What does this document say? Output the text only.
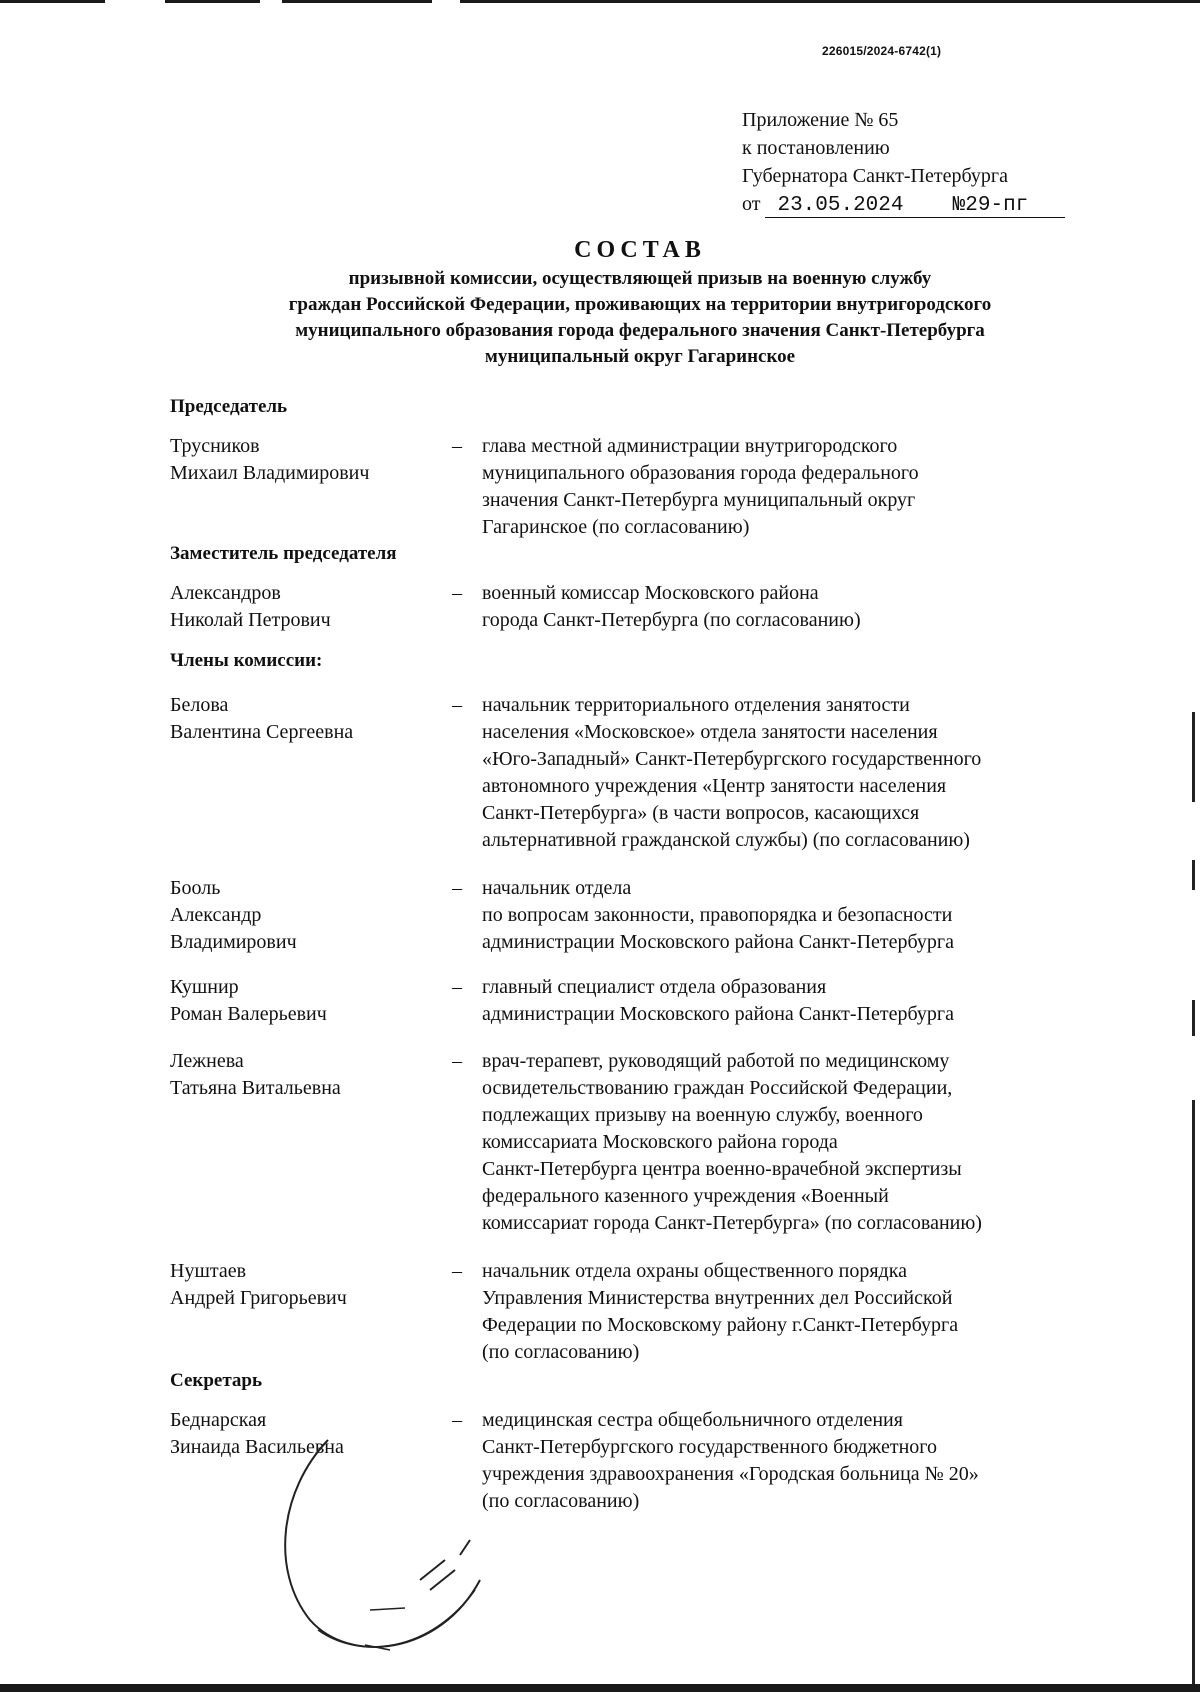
226015/2024-6742(1)
Приложение № 65
к постановлению
Губернатора Санкт-Петербурга
от 23.05.2024 №29-пг
СОСТАВ
призывной комиссии, осуществляющей призыв на военную службу
граждан Российской Федерации, проживающих на территории внутригородского
муниципального образования города федерального значения Санкт-Петербурга
муниципальный округ Гагаринское
Председатель
Трусников
Михаил Владимирович
– глава местной администрации внутригородского
муниципального образования города федерального
значения Санкт-Петербурга муниципальный округ
Гагаринское (по согласованию)
Заместитель председателя
Александров
Николай Петрович
– военный комиссар Московского района
города Санкт-Петербурга (по согласованию)
Члены комиссии:
Белова
Валентина Сергеевна
– начальник территориального отделения занятости
населения «Московское» отдела занятости населения
«Юго-Западный» Санкт-Петербургского государственного
автономного учреждения «Центр занятости населения
Санкт-Петербурга» (в части вопросов, касающихся
альтернативной гражданской службы) (по согласованию)
Бооль
Александр
Владимирович
– начальник отдела
по вопросам законности, правопорядка и безопасности
администрации Московского района Санкт-Петербурга
Кушнир
Роман Валерьевич
– главный специалист отдела образования
администрации Московского района Санкт-Петербурга
Лежнева
Татьяна Витальевна
– врач-терапевт, руководящий работой по медицинскому
освидетельствованию граждан Российской Федерации,
подлежащих призыву на военную службу, военного
комиссариата Московского района города
Санкт-Петербурга центра военно-врачебной экспертизы
федерального казенного учреждения «Военный
комиссариат города Санкт-Петербурга» (по согласованию)
Нуштаев
Андрей Григорьевич
– начальник отдела охраны общественного порядка
Управления Министерства внутренних дел Российской
Федерации по Московскому району г.Санкт-Петербурга
(по согласованию)
Секретарь
Беднарская
Зинаида Васильевна
– медицинская сестра общебольничного отделения
Санкт-Петербургского государственного бюджетного
учреждения здравоохранения «Городская больница № 20»
(по согласованию)
